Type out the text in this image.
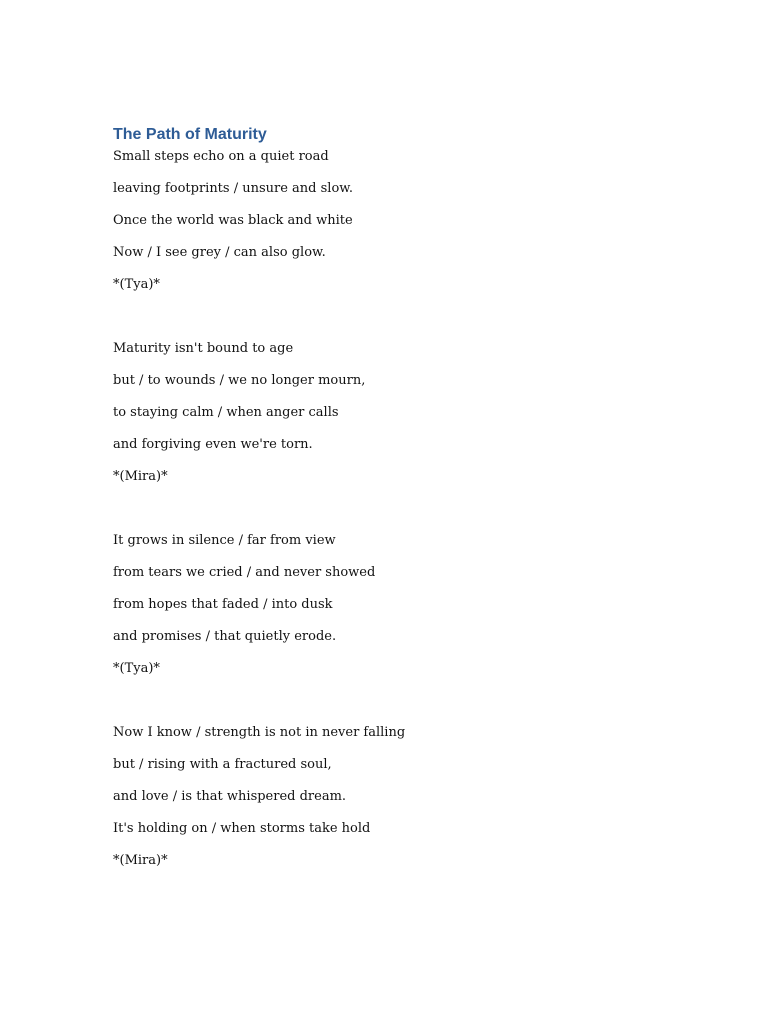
The Path of Maturity
Small steps echo on a quiet road
leaving footprints / unsure and slow.
Once the world was black and white
Now / I see grey / can also glow.
*(Tya)*
Maturity isn't bound to age
but / to wounds / we no longer mourn,
to staying calm / when anger calls
and forgiving even we're torn.
*(Mira)*
It grows in silence / far from view
from tears we cried / and never showed
from hopes that faded / into dusk
and promises / that quietly erode.
*(Tya)*
Now I know / strength is not in never falling
but / rising with a fractured soul,
and love / is that whispered dream.
It's holding on / when storms take hold
*(Mira)*
